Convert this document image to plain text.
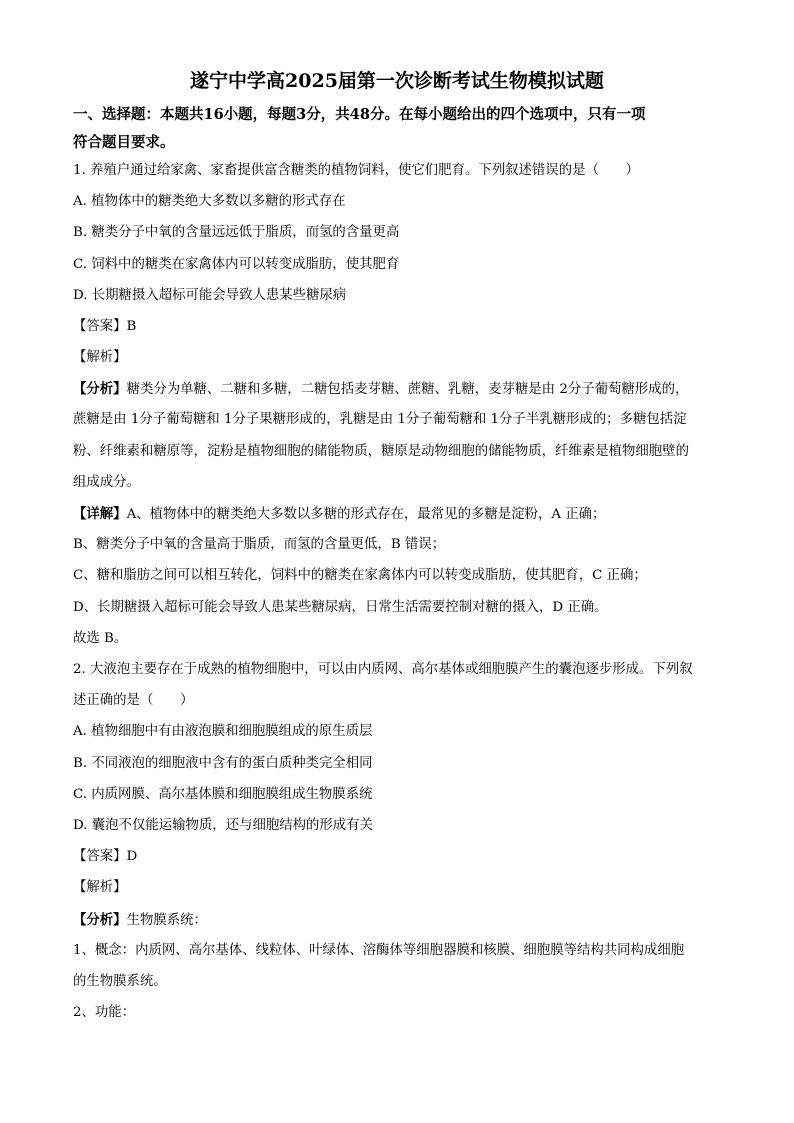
遂宁中学高2025届第一次诊断考试生物模拟试题
一、选择题：本题共16小题，每题3分，共48分。在每小题给出的四个选项中，只有一项
符合题目要求。
1. 养殖户通过给家禽、家畜提供富含糖类的植物饲料，使它们肥育。下列叙述错误的是（　　）
A. 植物体中的糖类绝大多数以多糖的形式存在
B. 糖类分子中氧的含量远远低于脂质，而氢的含量更高
C. 饲料中的糖类在家禽体内可以转变成脂肪，使其肥育
D. 长期糖摄入超标可能会导致人患某些糖尿病
【答案】B
【解析】
【分析】糖类分为单糖、二糖和多糖，二糖包括麦芽糖、蔗糖、乳糖，麦芽糖是由 2分子葡萄糖形成的，
蔗糖是由 1分子葡萄糖和 1分子果糖形成的，乳糖是由 1分子葡萄糖和 1分子半乳糖形成的；多糖包括淀
粉、纤维素和糖原等，淀粉是植物细胞的储能物质，糖原是动物细胞的储能物质，纤维素是植物细胞壁的
组成成分。
【详解】A、植物体中的糖类绝大多数以多糖的形式存在，最常见的多糖是淀粉，A 正确；
B、糖类分子中氧的含量高于脂质，而氢的含量更低，B 错误；
C、糖和脂肪之间可以相互转化，饲料中的糖类在家禽体内可以转变成脂肪，使其肥育，C 正确；
D、长期糖摄入超标可能会导致人患某些糖尿病，日常生活需要控制对糖的摄入，D 正确。
故选 B。
2. 大液泡主要存在于成熟的植物细胞中，可以由内质网、高尔基体或细胞膜产生的囊泡逐步形成。下列叙
述正确的是（　　）
A. 植物细胞中有由液泡膜和细胞膜组成的原生质层
B. 不同液泡的细胞液中含有的蛋白质种类完全相同
C. 内质网膜、高尔基体膜和细胞膜组成生物膜系统
D. 囊泡不仅能运输物质，还与细胞结构的形成有关
【答案】D
【解析】
【分析】生物膜系统：
1、概念：内质网、高尔基体、线粒体、叶绿体、溶酶体等细胞器膜和核膜、细胞膜等结构共同构成细胞
的生物膜系统。
2、功能：
